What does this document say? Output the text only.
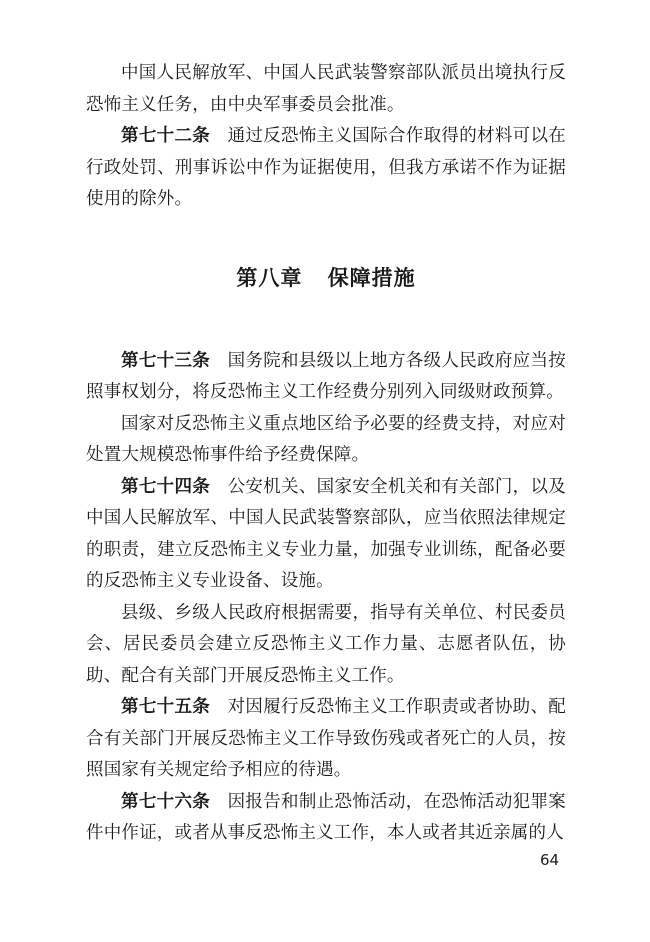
中国人民解放军、中国人民武装警察部队派员出境执行反恐怖主义任务，由中央军事委员会批准。

第七十二条 通过反恐怖主义国际合作取得的材料可以在行政处罚、刑事诉讼中作为证据使用，但我方承诺不作为证据使用的除外。

第八章 保障措施

第七十三条 国务院和县级以上地方各级人民政府应当按照事权划分，将反恐怖主义工作经费分别列入同级财政预算。

国家对反恐怖主义重点地区给予必要的经费支持，对应对处置大规模恐怖事件给予经费保障。

第七十四条 公安机关、国家安全机关和有关部门，以及中国人民解放军、中国人民武装警察部队，应当依照法律规定的职责，建立反恐怖主义专业力量，加强专业训练，配备必要的反恐怖主义专业设备、设施。

县级、乡级人民政府根据需要，指导有关单位、村民委员会、居民委员会建立反恐怖主义工作力量、志愿者队伍，协助、配合有关部门开展反恐怖主义工作。

第七十五条 对因履行反恐怖主义工作职责或者协助、配合有关部门开展反恐怖主义工作导致伤残或者死亡的人员，按照国家有关规定给予相应的待遇。

第七十六条 因报告和制止恐怖活动，在恐怖活动犯罪案件中作证，或者从事反恐怖主义工作，本人或者其近亲属的人

64
